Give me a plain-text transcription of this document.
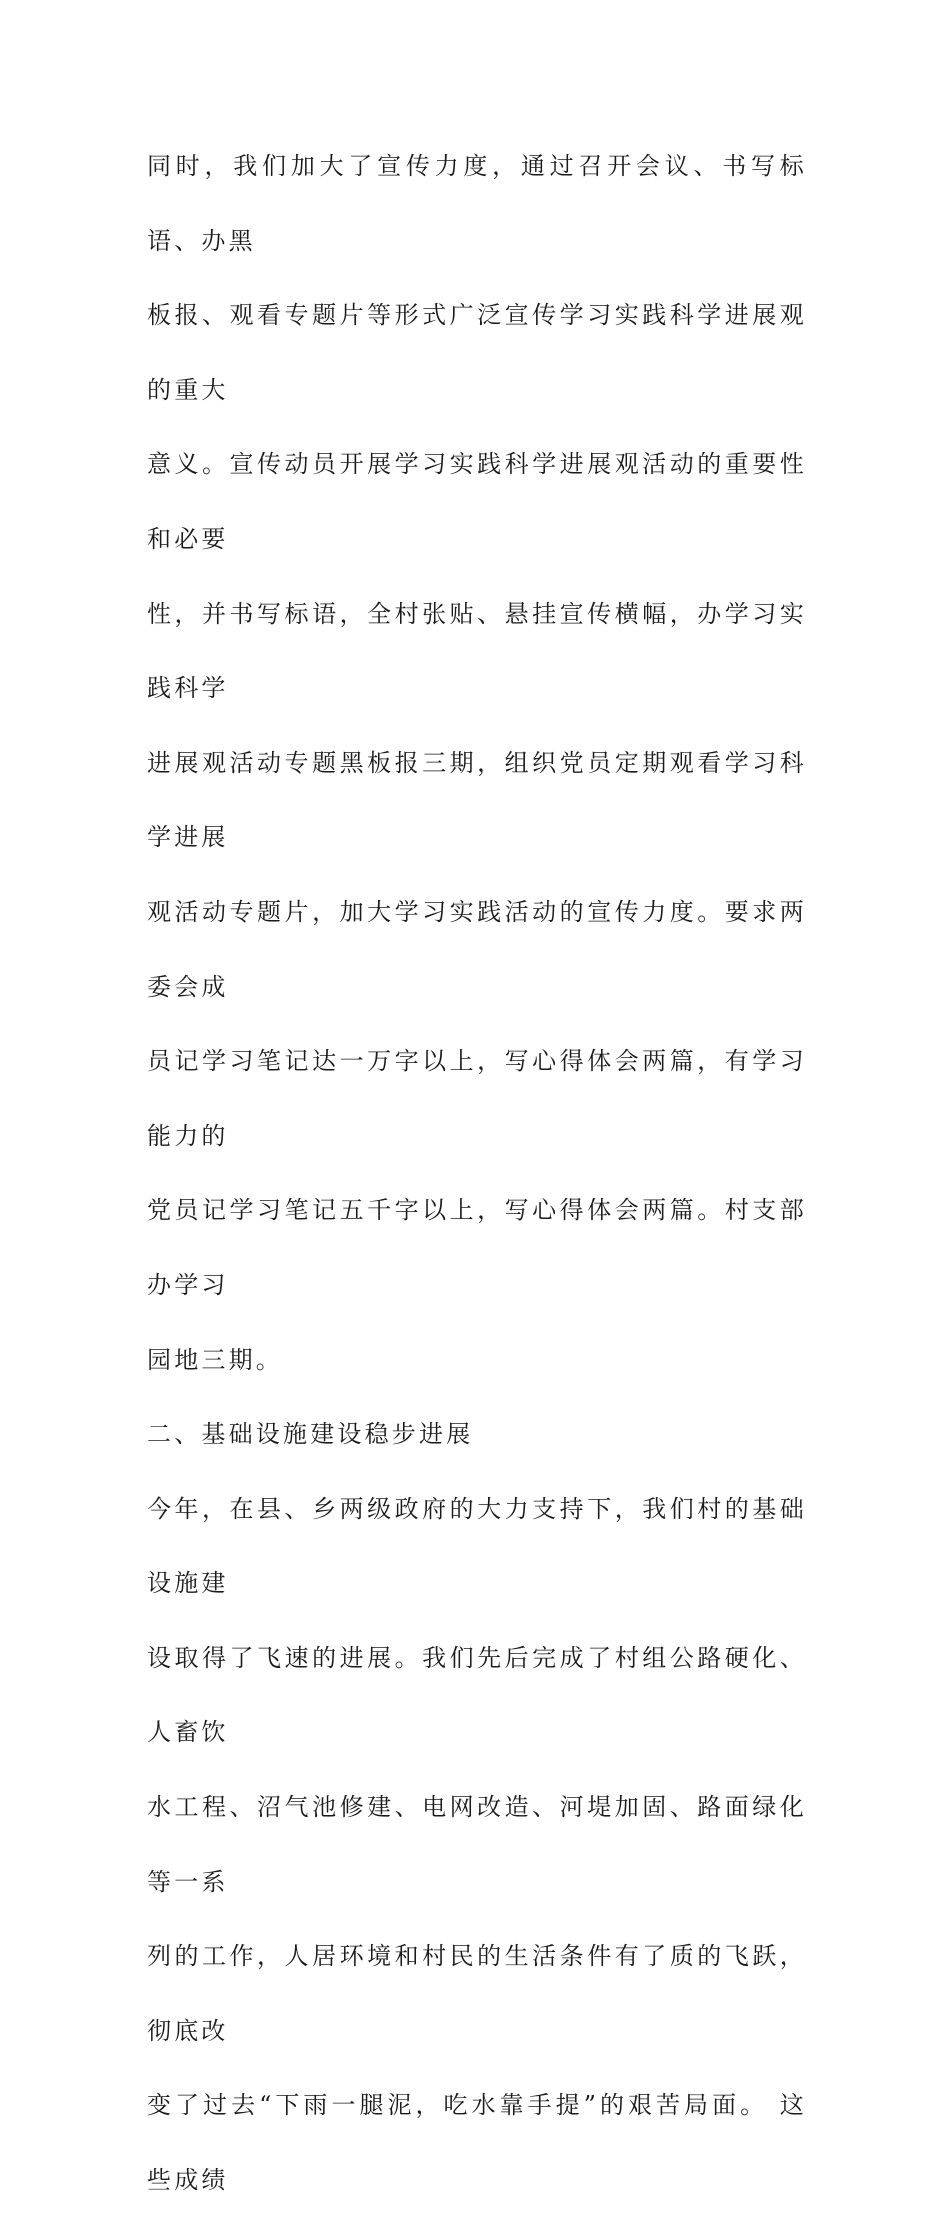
同时，我们加大了宣传力度，通过召开会议、书写标语、办黑
板报、观看专题片等形式广泛宣传学习实践科学进展观的重大
意义。宣传动员开展学习实践科学进展观活动的重要性和必要
性，并书写标语，全村张贴、悬挂宣传横幅，办学习实践科学
进展观活动专题黑板报三期，组织党员定期观看学习科学进展
观活动专题片，加大学习实践活动的宣传力度。要求两委会成
员记学习笔记达一万字以上，写心得体会两篇，有学习能力的
党员记学习笔记五千字以上，写心得体会两篇。村支部办学习
园地三期。
二、基础设施建设稳步进展
今年，在县、乡两级政府的大力支持下，我们村的基础设施建
设取得了飞速的进展。我们先后完成了村组公路硬化、人畜饮
水工程、沼气池修建、电网改造、河堤加固、路面绿化等一系
列的工作，人居环境和村民的生活条件有了质的飞跃，彻底改
变了过去“下雨一腿泥，吃水靠手提”的艰苦局面。 这些成绩
